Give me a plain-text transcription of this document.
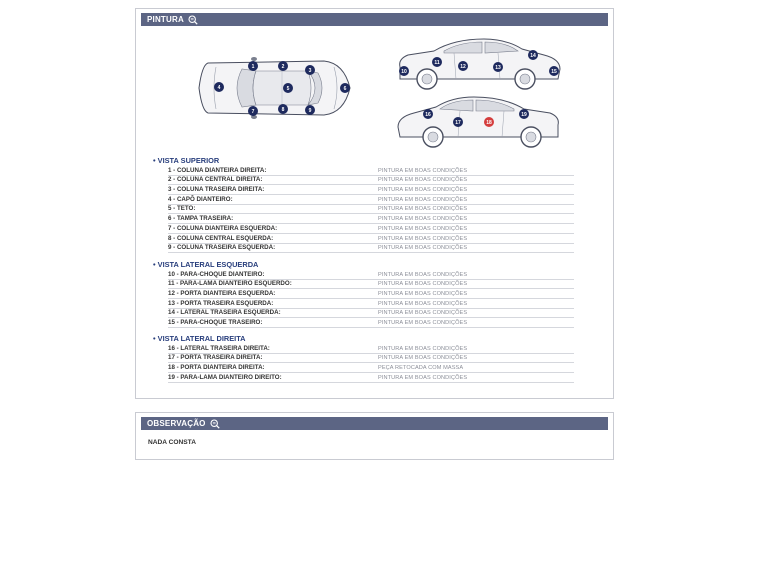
PINTURA
1	2
3
4	5	6
7	8	9
10
11
12	13
14
15
16
17	18
19
• VISTA SUPERIOR
1 - COLUNA DIANTEIRA DIREITA:	PINTURA EM BOAS CONDIÇÕES
2 - COLUNA CENTRAL DIREITA:	PINTURA EM BOAS CONDIÇÕES
3 - COLUNA TRASEIRA DIREITA:	PINTURA EM BOAS CONDIÇÕES
4 - CAPÔ DIANTEIRO:	PINTURA EM BOAS CONDIÇÕES
5 - TETO:	PINTURA EM BOAS CONDIÇÕES
6 - TAMPA TRASEIRA:	PINTURA EM BOAS CONDIÇÕES
7 - COLUNA DIANTEIRA ESQUERDA:	PINTURA EM BOAS CONDIÇÕES
8 - COLUNA CENTRAL ESQUERDA:	PINTURA EM BOAS CONDIÇÕES
9 - COLUNA TRASEIRA ESQUERDA:	PINTURA EM BOAS CONDIÇÕES
• VISTA LATERAL ESQUERDA
10 - PARA-CHOQUE DIANTEIRO:	PINTURA EM BOAS CONDIÇÕES
11 - PARA-LAMA DIANTEIRO ESQUERDO:	PINTURA EM BOAS CONDIÇÕES
12 - PORTA DIANTEIRA ESQUERDA:	PINTURA EM BOAS CONDIÇÕES
13 - PORTA TRASEIRA ESQUERDA:	PINTURA EM BOAS CONDIÇÕES
14 - LATERAL TRASEIRA ESQUERDA:	PINTURA EM BOAS CONDIÇÕES
15 - PARA-CHOQUE TRASEIRO:	PINTURA EM BOAS CONDIÇÕES
• VISTA LATERAL DIREITA
16 - LATERAL TRASEIRA DIREITA:	PINTURA EM BOAS CONDIÇÕES
17 - PORTA TRASEIRA DIREITA:	PINTURA EM BOAS CONDIÇÕES
18 - PORTA DIANTEIRA DIREITA:	PEÇA RETOCADA COM MASSA
19 - PARA-LAMA DIANTEIRO DIREITO:	PINTURA EM BOAS CONDIÇÕES
OBSERVAÇÃO
NADA CONSTA
